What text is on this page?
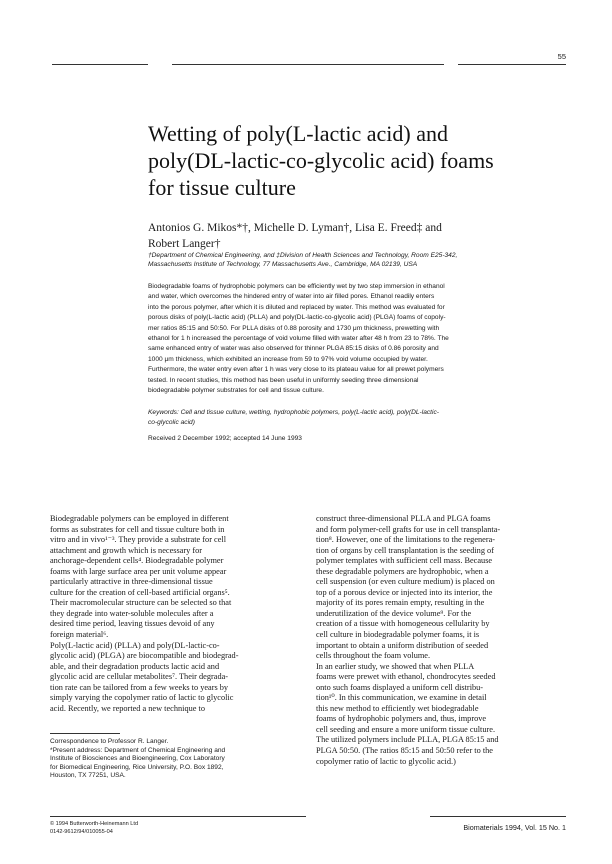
55
Wetting of poly(L-lactic acid) and
poly(DL-lactic-co-glycolic acid) foams
for tissue culture
Antonios G. Mikos*†, Michelle D. Lyman†, Lisa E. Freed‡ and
Robert Langer†
†Department of Chemical Engineering, and ‡Division of Health Sciences and Technology, Room E25-342,
Massachusetts Institute of Technology, 77 Massachusetts Ave., Cambridge, MA 02139, USA
Biodegradable foams of hydrophobic polymers can be efficiently wet by two step immersion in ethanol
and water, which overcomes the hindered entry of water into air filled pores. Ethanol readily enters
into the porous polymer, after which it is diluted and replaced by water. This method was evaluated for
porous disks of poly(L-lactic acid) (PLLA) and poly(DL-lactic-co-glycolic acid) (PLGA) foams of copoly-
mer ratios 85:15 and 50:50. For PLLA disks of 0.88 porosity and 1730 μm thickness, prewetting with
ethanol for 1 h increased the percentage of void volume filled with water after 48 h from 23 to 78%. The
same enhanced entry of water was also observed for thinner PLGA 85:15 disks of 0.86 porosity and
1000 μm thickness, which exhibited an increase from 59 to 97% void volume occupied by water.
Furthermore, the water entry even after 1 h was very close to its plateau value for all prewet polymers
tested. In recent studies, this method has been useful in uniformly seeding three dimensional
biodegradable polymer substrates for cell and tissue culture.
Keywords: Cell and tissue culture, wetting, hydrophobic polymers, poly(L-lactic acid), poly(DL-lactic-
co-glycolic acid)
Received 2 December 1992; accepted 14 June 1993
Biodegradable polymers can be employed in different
forms as substrates for cell and tissue culture both in
vitro and in vivo¹⁻³. They provide a substrate for cell
attachment and growth which is necessary for
anchorage-dependent cells⁴. Biodegradable polymer
foams with large surface area per unit volume appear
particularly attractive in three-dimensional tissue
culture for the creation of cell-based artificial organs⁵.
Their macromolecular structure can be selected so that
they degrade into water-soluble molecules after a
desired time period, leaving tissues devoid of any
foreign material⁶.
Poly(L-lactic acid) (PLLA) and poly(DL-lactic-co-
glycolic acid) (PLGA) are biocompatible and biodegrad-
able, and their degradation products lactic acid and
glycolic acid are cellular metabolites⁷. Their degrada-
tion rate can be tailored from a few weeks to years by
simply varying the copolymer ratio of lactic to glycolic
acid. Recently, we reported a new technique to
Correspondence to Professor R. Langer.
*Present address: Department of Chemical Engineering and
Institute of Biosciences and Bioengineering, Cox Laboratory
for Biomedical Engineering, Rice University, P.O. Box 1892,
Houston, TX 77251, USA.
construct three-dimensional PLLA and PLGA foams
and form polymer-cell grafts for use in cell transplanta-
tion⁸. However, one of the limitations to the regenera-
tion of organs by cell transplantation is the seeding of
polymer templates with sufficient cell mass. Because
these degradable polymers are hydrophobic, when a
cell suspension (or even culture medium) is placed on
top of a porous device or injected into its interior, the
majority of its pores remain empty, resulting in the
underutilization of the device volume⁹. For the
creation of a tissue with homogeneous cellularity by
cell culture in biodegradable polymer foams, it is
important to obtain a uniform distribution of seeded
cells throughout the foam volume.
In an earlier study, we showed that when PLLA
foams were prewet with ethanol, chondrocytes seeded
onto such foams displayed a uniform cell distribu-
tion¹⁰. In this communication, we examine in detail
this new method to efficiently wet biodegradable
foams of hydrophobic polymers and, thus, improve
cell seeding and ensure a more uniform tissue culture.
The utilized polymers include PLLA, PLGA 85:15 and
PLGA 50:50. (The ratios 85:15 and 50:50 refer to the
copolymer ratio of lactic to glycolic acid.)
© 1994 Butterworth-Heinemann Ltd
0142-9612/94/010055-04	Biomaterials 1994, Vol. 15 No. 1
